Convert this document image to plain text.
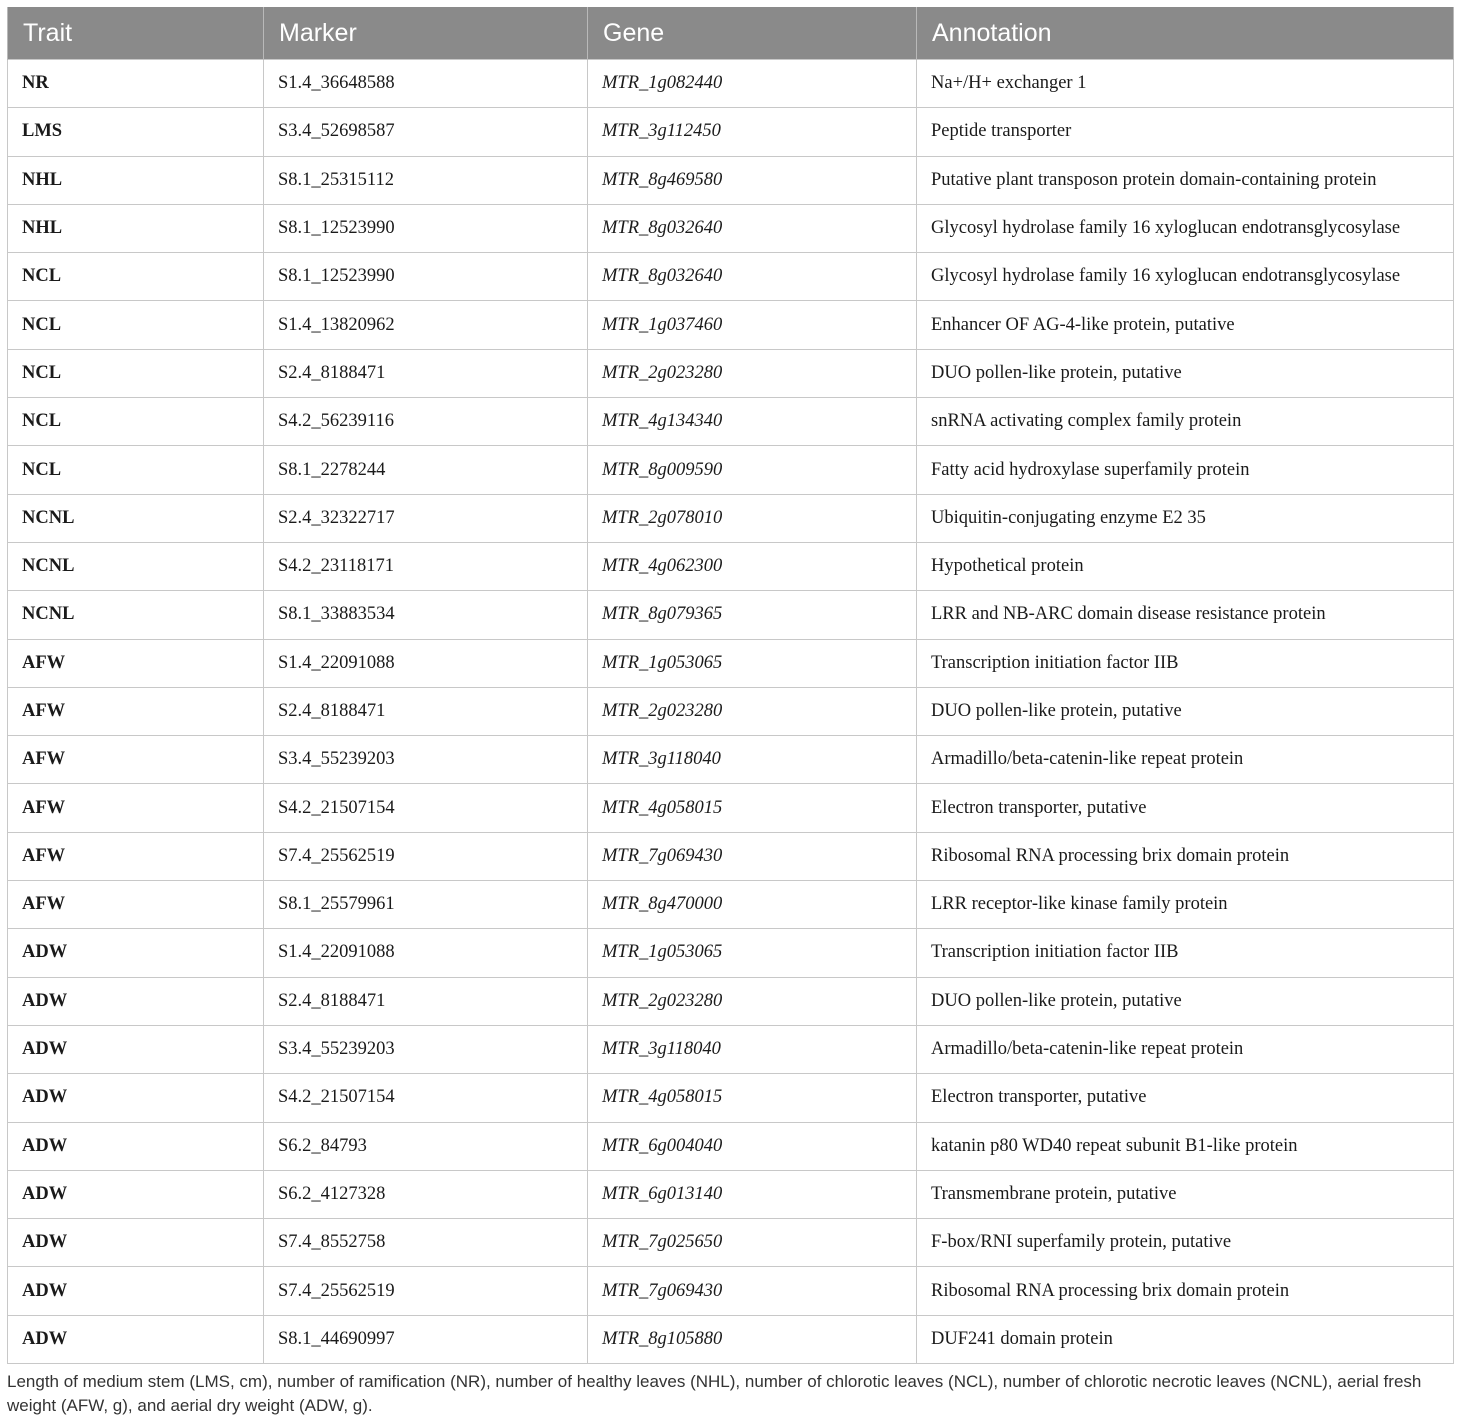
Trait	Marker	Gene	Annotation
NR	S1.4_36648588	MTR_1g082440	Na+/H+ exchanger 1
LMS	S3.4_52698587	MTR_3g112450	Peptide transporter
NHL	S8.1_25315112	MTR_8g469580	Putative plant transposon protein domain-containing protein
NHL	S8.1_12523990	MTR_8g032640	Glycosyl hydrolase family 16 xyloglucan endotransglycosylase
NCL	S8.1_12523990	MTR_8g032640	Glycosyl hydrolase family 16 xyloglucan endotransglycosylase
NCL	S1.4_13820962	MTR_1g037460	Enhancer OF AG-4-like protein, putative
NCL	S2.4_8188471	MTR_2g023280	DUO pollen-like protein, putative
NCL	S4.2_56239116	MTR_4g134340	snRNA activating complex family protein
NCL	S8.1_2278244	MTR_8g009590	Fatty acid hydroxylase superfamily protein
NCNL	S2.4_32322717	MTR_2g078010	Ubiquitin-conjugating enzyme E2 35
NCNL	S4.2_23118171	MTR_4g062300	Hypothetical protein
NCNL	S8.1_33883534	MTR_8g079365	LRR and NB-ARC domain disease resistance protein
AFW	S1.4_22091088	MTR_1g053065	Transcription initiation factor IIB
AFW	S2.4_8188471	MTR_2g023280	DUO pollen-like protein, putative
AFW	S3.4_55239203	MTR_3g118040	Armadillo/beta-catenin-like repeat protein
AFW	S4.2_21507154	MTR_4g058015	Electron transporter, putative
AFW	S7.4_25562519	MTR_7g069430	Ribosomal RNA processing brix domain protein
AFW	S8.1_25579961	MTR_8g470000	LRR receptor-like kinase family protein
ADW	S1.4_22091088	MTR_1g053065	Transcription initiation factor IIB
ADW	S2.4_8188471	MTR_2g023280	DUO pollen-like protein, putative
ADW	S3.4_55239203	MTR_3g118040	Armadillo/beta-catenin-like repeat protein
ADW	S4.2_21507154	MTR_4g058015	Electron transporter, putative
ADW	S6.2_84793	MTR_6g004040	katanin p80 WD40 repeat subunit B1-like protein
ADW	S6.2_4127328	MTR_6g013140	Transmembrane protein, putative
ADW	S7.4_8552758	MTR_7g025650	F-box/RNI superfamily protein, putative
ADW	S7.4_25562519	MTR_7g069430	Ribosomal RNA processing brix domain protein
ADW	S8.1_44690997	MTR_8g105880	DUF241 domain protein
Length of medium stem (LMS, cm), number of ramification (NR), number of healthy leaves (NHL), number of chlorotic leaves (NCL), number of chlorotic necrotic leaves (NCNL), aerial fresh weight (AFW, g), and aerial dry weight (ADW, g).
